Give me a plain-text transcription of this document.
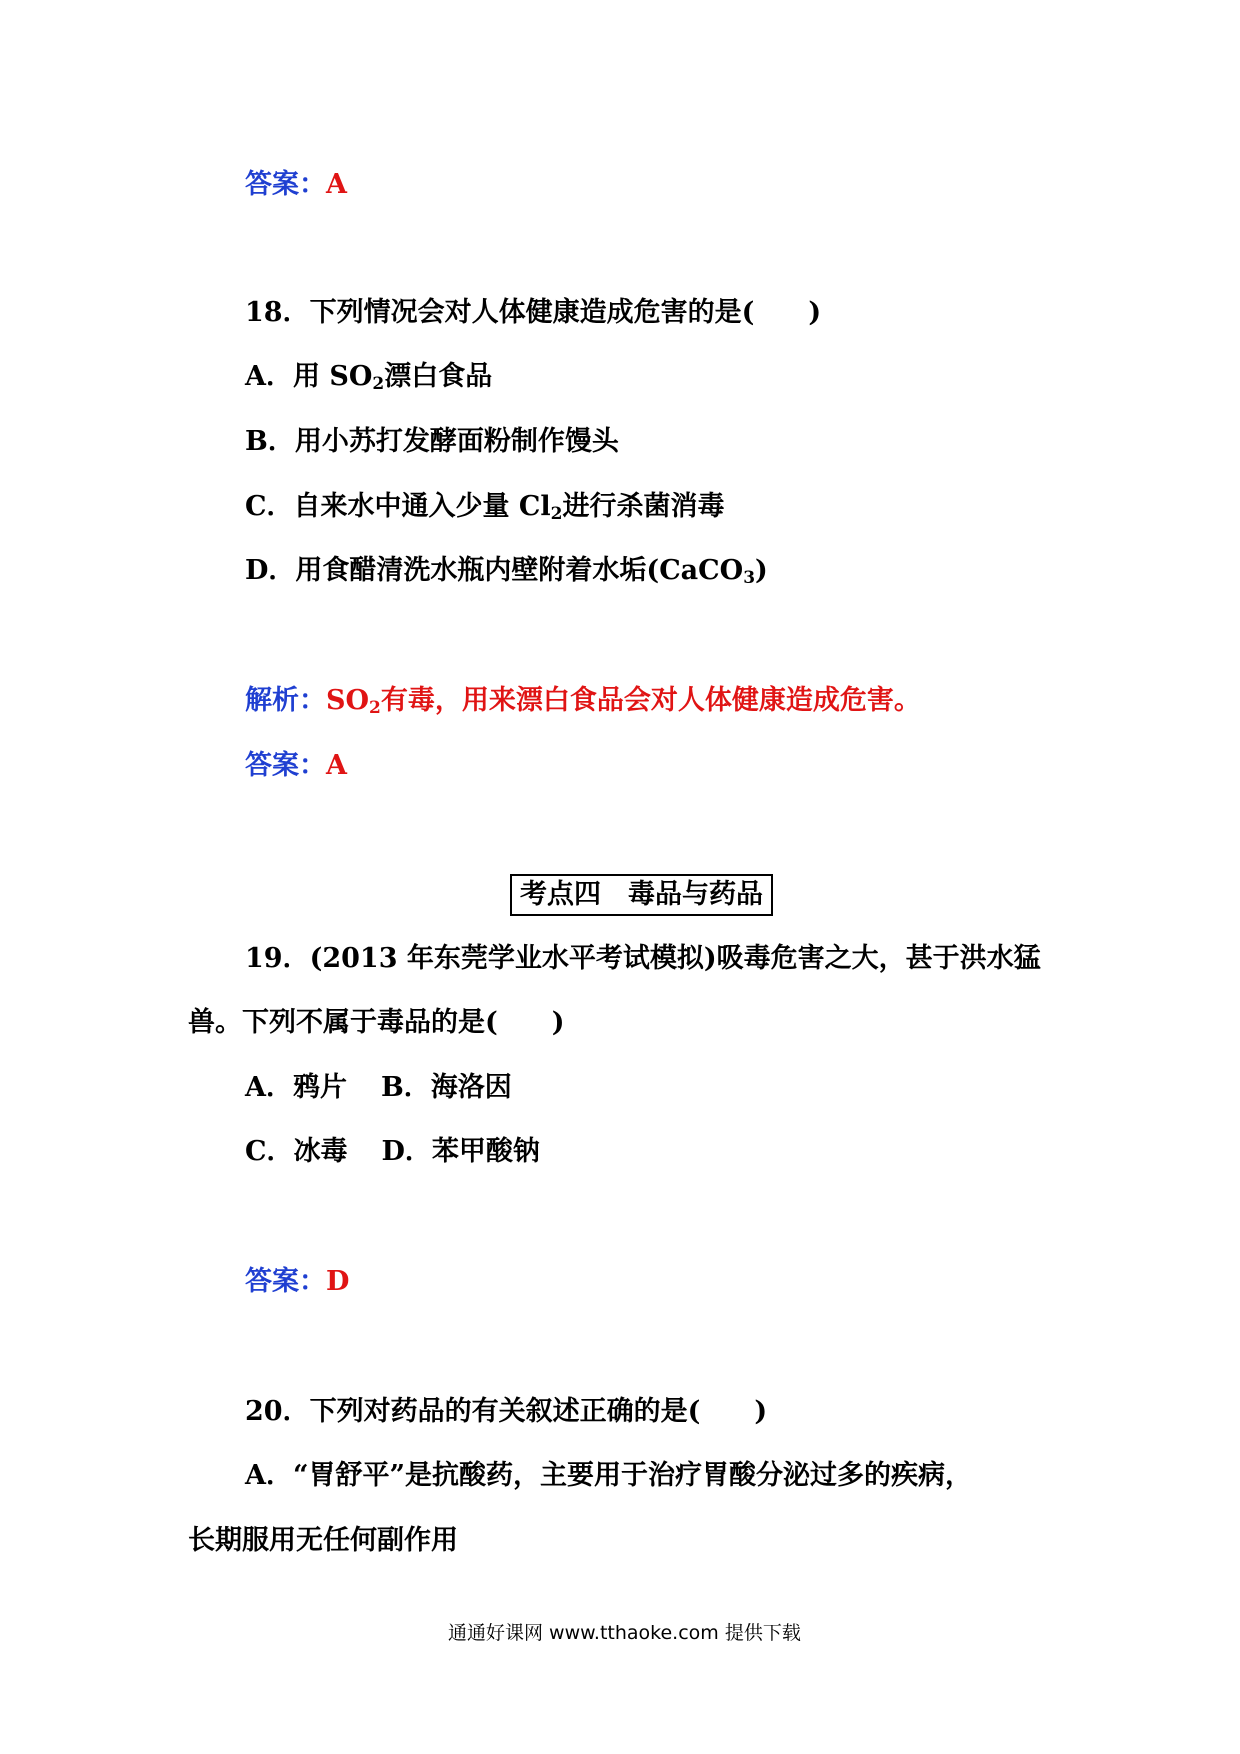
答案：A
18．下列情况会对人体健康造成危害的是(　　)
A．用 $SO_2$漂白食品
B．用小苏打发酵面粉制作馒头
C．自来水中通入少量 $Cl_2$进行杀菌消毒
D．用食醋清洗水瓶内壁附着水垢(CaCO$_3$)
解析：$SO_2$有毒，用来漂白食品会对人体健康造成危害。
答案：A
考点四　毒品与药品
19．(2013 年东莞学业水平考试模拟)吸毒危害之大，甚于洪水猛
兽。下列不属于毒品的是(　　)
A．鸦片 B．海洛因
C．冰毒 D．苯甲酸钠
答案：D
20．下列对药品的有关叙述正确的是(　　)
A．“胃舒平”是抗酸药，主要用于治疗胃酸分泌过多的疾病，
长期服用无任何副作用
通通好课网 www.tthaoke.com 提供下载
